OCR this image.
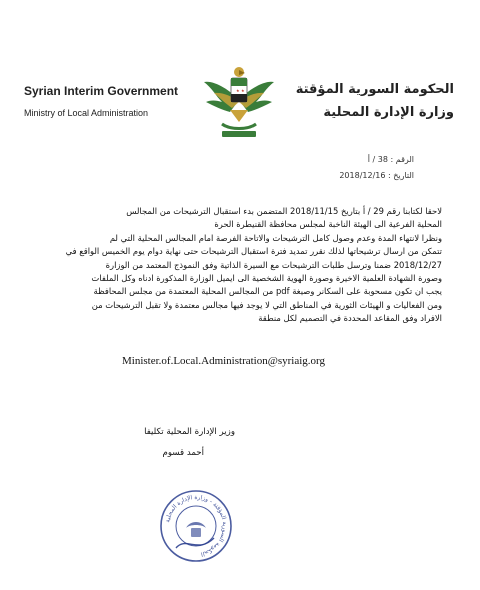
Syrian Interim Government
Ministry of Local Administration
الحكومة السورية المؤقتة
وزارة الإدارة المحلية
★ ★
الرقم : 38 / أ
التاريخ : 2018/12/16
لاحقا لكتابنا رقم 29 / أ بتاريخ 2018/11/15 المتضمن بدء استقبال الترشيحات من المجالس
المحلية الفرعية الى الهيئة الناخبة لمجلس محافظة القنيطرة الحرة
ونظرا لانتهاء المدة وعدم وصول كامل الترشيحات والاتاحة الفرصة امام المجالس المحلية التي لم
تتمكن من ارسال ترشيحاتها لذلك نقرر تمديد فترة استقبال الترشيحات حتى نهاية دوام يوم الخميس الواقع في
2018/12/27 ضمنا وترسل طلبات الترشيحات مع السيرة الذاتية وفق النموذج المعتمد من الوزارة
وصورة الشهادة العلمية الاخيرة وصورة الهوية الشخصية الى ايميل الوزارة المذكورة ادناه وكل الملفات
يجب ان تكون مسحوبة على السكانر وصيغة pdf من المجالس المحلية المعتمدة من مجلس المحافظة
ومن الفعاليات و الهيئات الثورية في المناطق التي لا يوجد فيها مجالس معتمدة ولا تقبل الترشيحات من
الافراد وفق المقاعد المحددة في التصميم لكل منطقة
Minister.of.Local.Administration@syriaig.org
وزير الإدارة المحلية تكليفا
أحمد قسوم
الحكومة السورية المؤقتة - وزارة الإدارة المحلية
